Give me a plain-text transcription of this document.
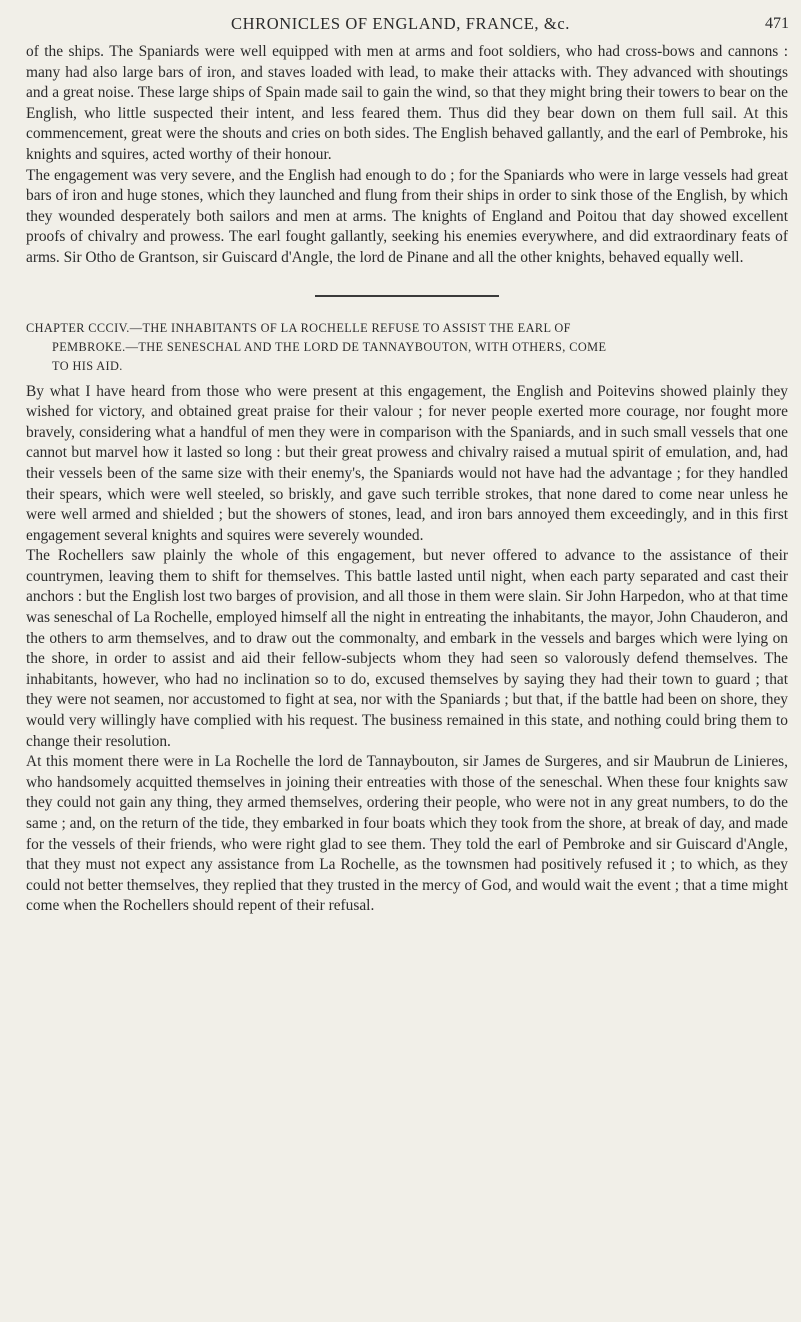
CHRONICLES OF ENGLAND, FRANCE, &c.	471

of the ships. The Spaniards were well equipped with men at arms and foot soldiers, who had cross-bows and cannons : many had also large bars of iron, and staves loaded with lead, to make their attacks with. They advanced with shoutings and a great noise. These large ships of Spain made sail to gain the wind, so that they might bring their towers to bear on the English, who little suspected their intent, and less feared them. Thus did they bear down on them full sail. At this commencement, great were the shouts and cries on both sides. The English behaved gallantly, and the earl of Pembroke, his knights and squires, acted worthy of their honour.

The engagement was very severe, and the English had enough to do ; for the Spaniards who were in large vessels had great bars of iron and huge stones, which they launched and flung from their ships in order to sink those of the English, by which they wounded desperately both sailors and men at arms. The knights of England and Poitou that day showed excellent proofs of chivalry and prowess. The earl fought gallantly, seeking his enemies everywhere, and did extraordinary feats of arms. Sir Otho de Grantson, sir Guiscard d'Angle, the lord de Pinane and all the other knights, behaved equally well.

CHAPTER CCCIV.—THE INHABITANTS OF LA ROCHELLE REFUSE TO ASSIST THE EARL OF
PEMBROKE.—THE SENESCHAL AND THE LORD DE TANNAYBOUTON, WITH OTHERS, COME
TO HIS AID.

By what I have heard from those who were present at this engagement, the English and Poitevins showed plainly they wished for victory, and obtained great praise for their valour ; for never people exerted more courage, nor fought more bravely, considering what a handful of men they were in comparison with the Spaniards, and in such small vessels that one cannot but marvel how it lasted so long : but their great prowess and chivalry raised a mutual spirit of emulation, and, had their vessels been of the same size with their enemy's, the Spaniards would not have had the advantage ; for they handled their spears, which were well steeled, so briskly, and gave such terrible strokes, that none dared to come near unless he were well armed and shielded ; but the showers of stones, lead, and iron bars annoyed them exceedingly, and in this first engagement several knights and squires were severely wounded.

The Rochellers saw plainly the whole of this engagement, but never offered to advance to the assistance of their countrymen, leaving them to shift for themselves. This battle lasted until night, when each party separated and cast their anchors : but the English lost two barges of provision, and all those in them were slain. Sir John Harpedon, who at that time was seneschal of La Rochelle, employed himself all the night in entreating the inhabitants, the mayor, John Chauderon, and the others to arm themselves, and to draw out the commonalty, and embark in the vessels and barges which were lying on the shore, in order to assist and aid their fellow-subjects whom they had seen so valorously defend themselves. The inhabitants, however, who had no inclination so to do, excused themselves by saying they had their town to guard ; that they were not seamen, nor accustomed to fight at sea, nor with the Spaniards ; but that, if the battle had been on shore, they would very willingly have complied with his request. The business remained in this state, and nothing could bring them to change their resolution.

At this moment there were in La Rochelle the lord de Tannaybouton, sir James de Surgeres, and sir Maubrun de Linieres, who handsomely acquitted themselves in joining their entreaties with those of the seneschal. When these four knights saw they could not gain any thing, they armed themselves, ordering their people, who were not in any great numbers, to do the same ; and, on the return of the tide, they embarked in four boats which they took from the shore, at break of day, and made for the vessels of their friends, who were right glad to see them. They told the earl of Pembroke and sir Guiscard d'Angle, that they must not expect any assistance from La Rochelle, as the townsmen had positively refused it ; to which, as they could not better themselves, they replied that they trusted in the mercy of God, and would wait the event ; that a time might come when the Rochellers should repent of their refusal.
